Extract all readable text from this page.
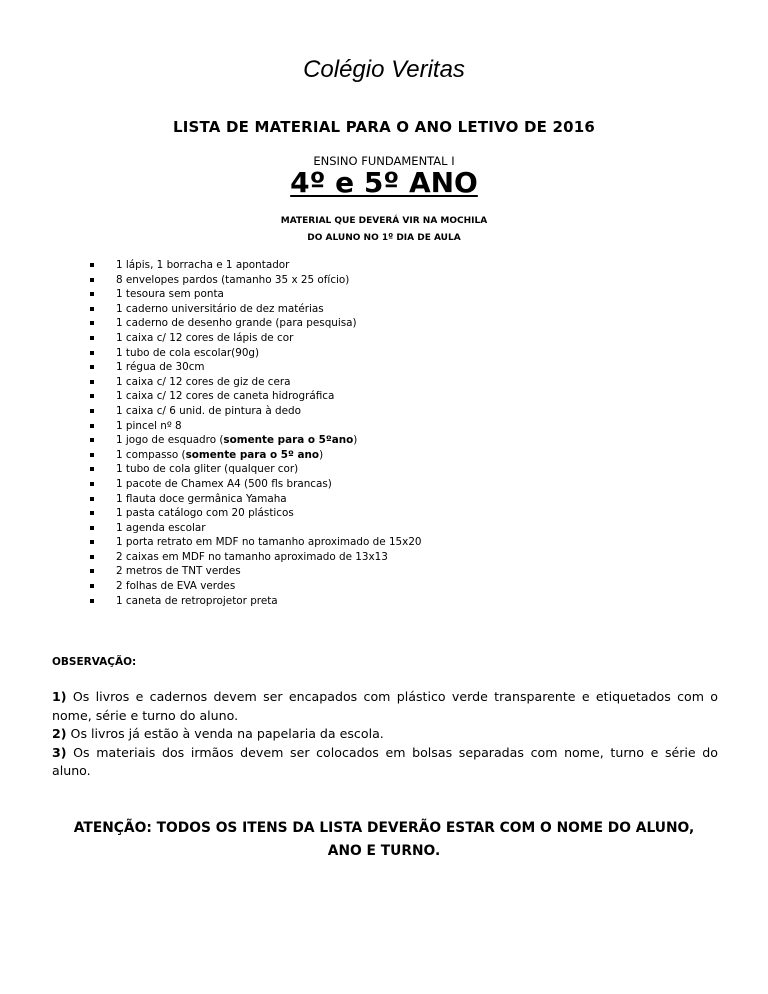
Colégio Veritas
LISTA DE MATERIAL PARA O ANO LETIVO DE 2016
ENSINO FUNDAMENTAL I
4º e 5º ANO
MATERIAL QUE DEVERÁ VIR NA MOCHILA
DO ALUNO NO 1º DIA DE AULA
1 lápis, 1 borracha e 1 apontador
8 envelopes pardos (tamanho 35 x 25 ofício)
1 tesoura sem ponta
1 caderno universitário de dez matérias
1 caderno de desenho grande (para pesquisa)
1 caixa c/ 12 cores de lápis de cor
1 tubo de cola escolar(90g)
1 régua de 30cm
1 caixa c/ 12 cores de giz de cera
1 caixa c/ 12 cores de caneta hidrográfica
1 caixa c/ 6 unid. de pintura à dedo
1 pincel nº 8
1 jogo de esquadro (somente para o 5ºano)
1 compasso (somente para o 5º ano)
1 tubo de cola gliter (qualquer cor)
1 pacote de Chamex A4 (500 fls brancas)
1 flauta doce germânica Yamaha
1 pasta catálogo com 20 plásticos
1 agenda escolar
1 porta retrato em MDF no tamanho aproximado de 15x20
2 caixas em MDF no tamanho aproximado de 13x13
2 metros de TNT verdes
2 folhas de EVA verdes
1 caneta de retroprojetor preta
OBSERVAÇÃO:

1) Os livros e cadernos devem ser encapados com plástico verde transparente e etiquetados com o nome, série e turno do aluno.

2) Os livros já estão à venda na papelaria da escola.

3) Os materiais dos irmãos devem ser colocados em bolsas separadas com nome, turno e série do aluno.

ATENÇÃO: TODOS OS ITENS DA LISTA DEVERÃO ESTAR COM O NOME DO ALUNO, ANO E TURNO.
